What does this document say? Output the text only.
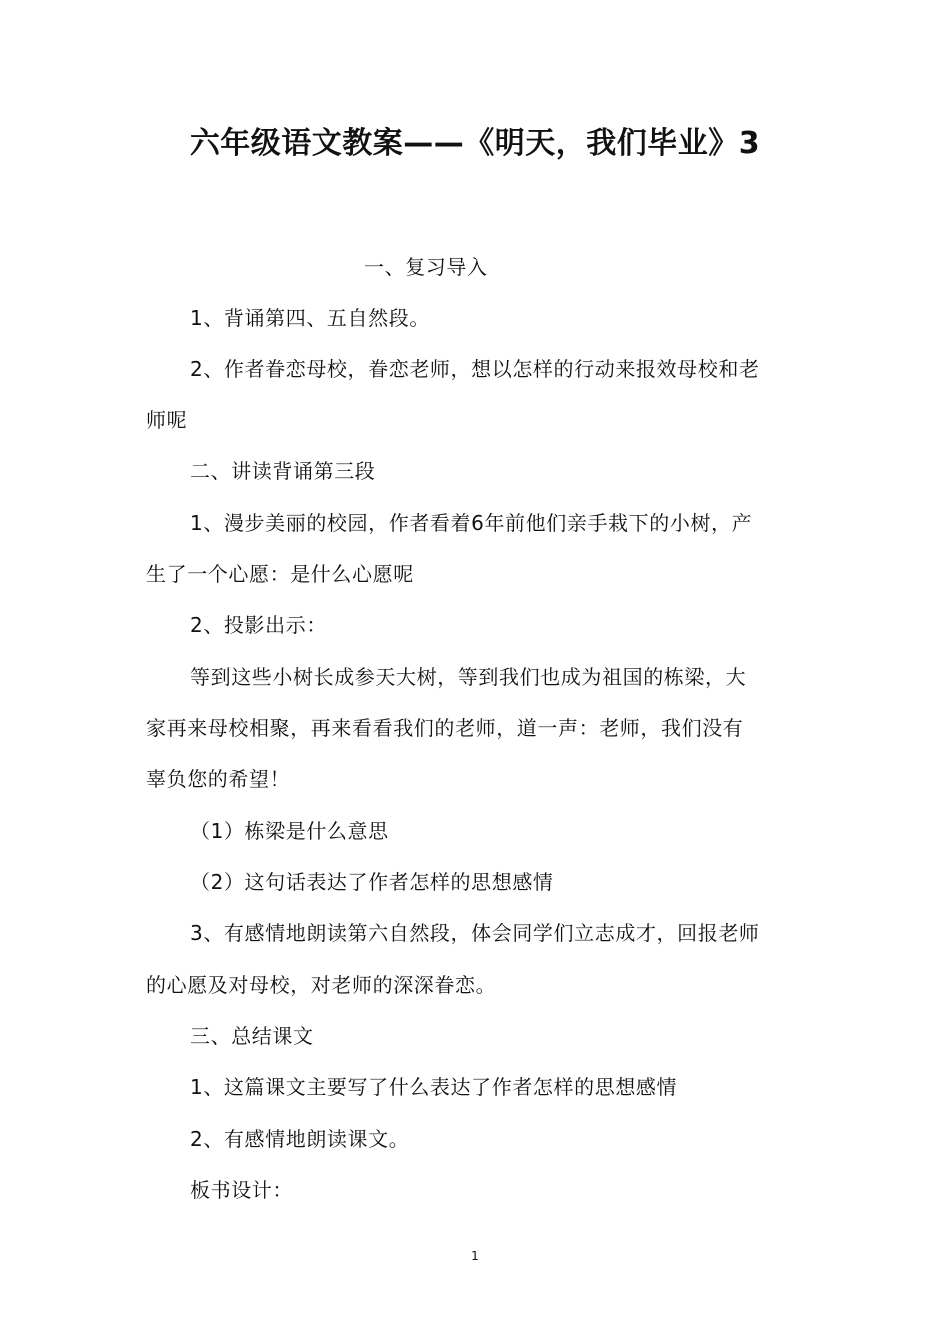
六年级语文教案——《明天，我们毕业》3
一、复习导入
1、背诵第四、五自然段。
2、作者眷恋母校，眷恋老师，想以怎样的行动来报效母校和老
师呢
二、讲读背诵第三段
1、漫步美丽的校园，作者看着6年前他们亲手栽下的小树，产
生了一个心愿：是什么心愿呢
2、投影出示：
等到这些小树长成参天大树，等到我们也成为祖国的栋梁，大
家再来母校相聚，再来看看我们的老师，道一声：老师，我们没有
辜负您的希望！
（1）栋梁是什么意思
（2）这句话表达了作者怎样的思想感情
3、有感情地朗读第六自然段，体会同学们立志成才，回报老师
的心愿及对母校，对老师的深深眷恋。
三、总结课文
1、这篇课文主要写了什么表达了作者怎样的思想感情
2、有感情地朗读课文。
板书设计：
1
